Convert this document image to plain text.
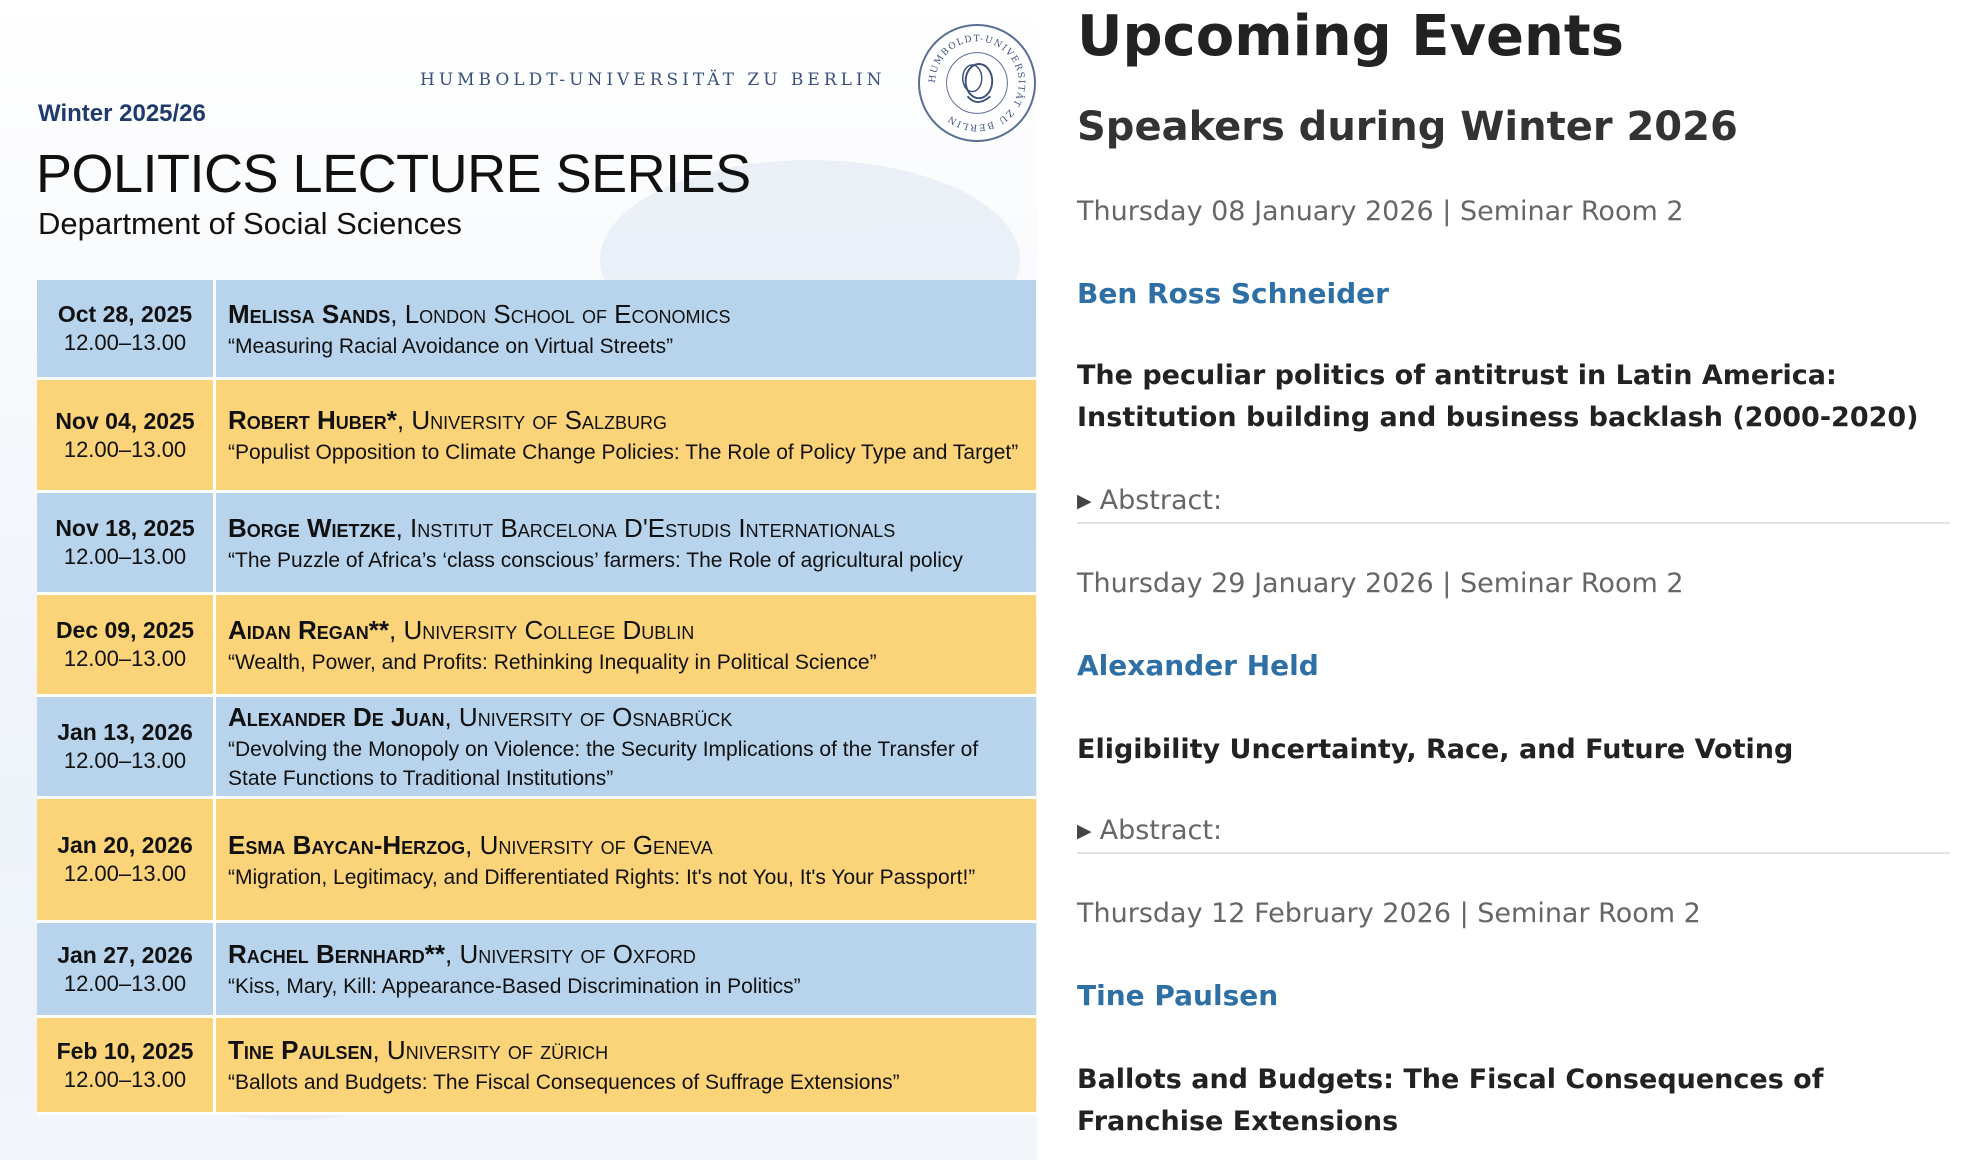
HUMBOLDT-UNIVERSITÄT ZU BERLIN	HUMBOLDT-UNIVERSITÄT ZU BERLIN
Winter 2025/26
POLITICS LECTURE SERIES
Department of Social Sciences
Oct 28, 2025
12.00–13.00
Melissa Sands, London School of Economics
“Measuring Racial Avoidance on Virtual Streets”
Nov 04, 2025
12.00–13.00
Robert Huber*, University of Salzburg
“Populist Opposition to Climate Change Policies: The Role of Policy Type and Target”
Nov 18, 2025
12.00–13.00
Borge Wietzke, Institut Barcelona D'Estudis Internationals
“The Puzzle of Africa’s ‘class conscious’ farmers: The Role of agricultural policy
Dec 09, 2025
12.00–13.00
Aidan Regan**, University College Dublin
“Wealth, Power, and Profits: Rethinking Inequality in Political Science”
Jan 13, 2026
12.00–13.00
Alexander De Juan, University of Osnabrück
“Devolving the Monopoly on Violence: the Security Implications of the Transfer of State Functions to Traditional Institutions”
Jan 20, 2026
12.00–13.00
Esma Baycan-Herzog, University of Geneva
“Migration, Legitimacy, and Differentiated Rights: It's not You, It's Your Passport!”
Jan 27, 2026
12.00–13.00
Rachel Bernhard**, University of Oxford
“Kiss, Mary, Kill: Appearance-Based Discrimination in Politics”
Feb 10, 2025
12.00–13.00
Tine Paulsen, University of zürich
“Ballots and Budgets: The Fiscal Consequences of Suffrage Extensions”
Upcoming Events
Speakers during Winter 2026
Thursday 08 January 2026 | Seminar Room 2
Ben Ross Schneider
The peculiar politics of antitrust in Latin America: Institution building and business backlash (2000-2020)
▶ Abstract:
Thursday 29 January 2026 | Seminar Room 2
Alexander Held
Eligibility Uncertainty, Race, and Future Voting
▶ Abstract:
Thursday 12 February 2026 | Seminar Room 2
Tine Paulsen
Ballots and Budgets: The Fiscal Consequences of Franchise Extensions
